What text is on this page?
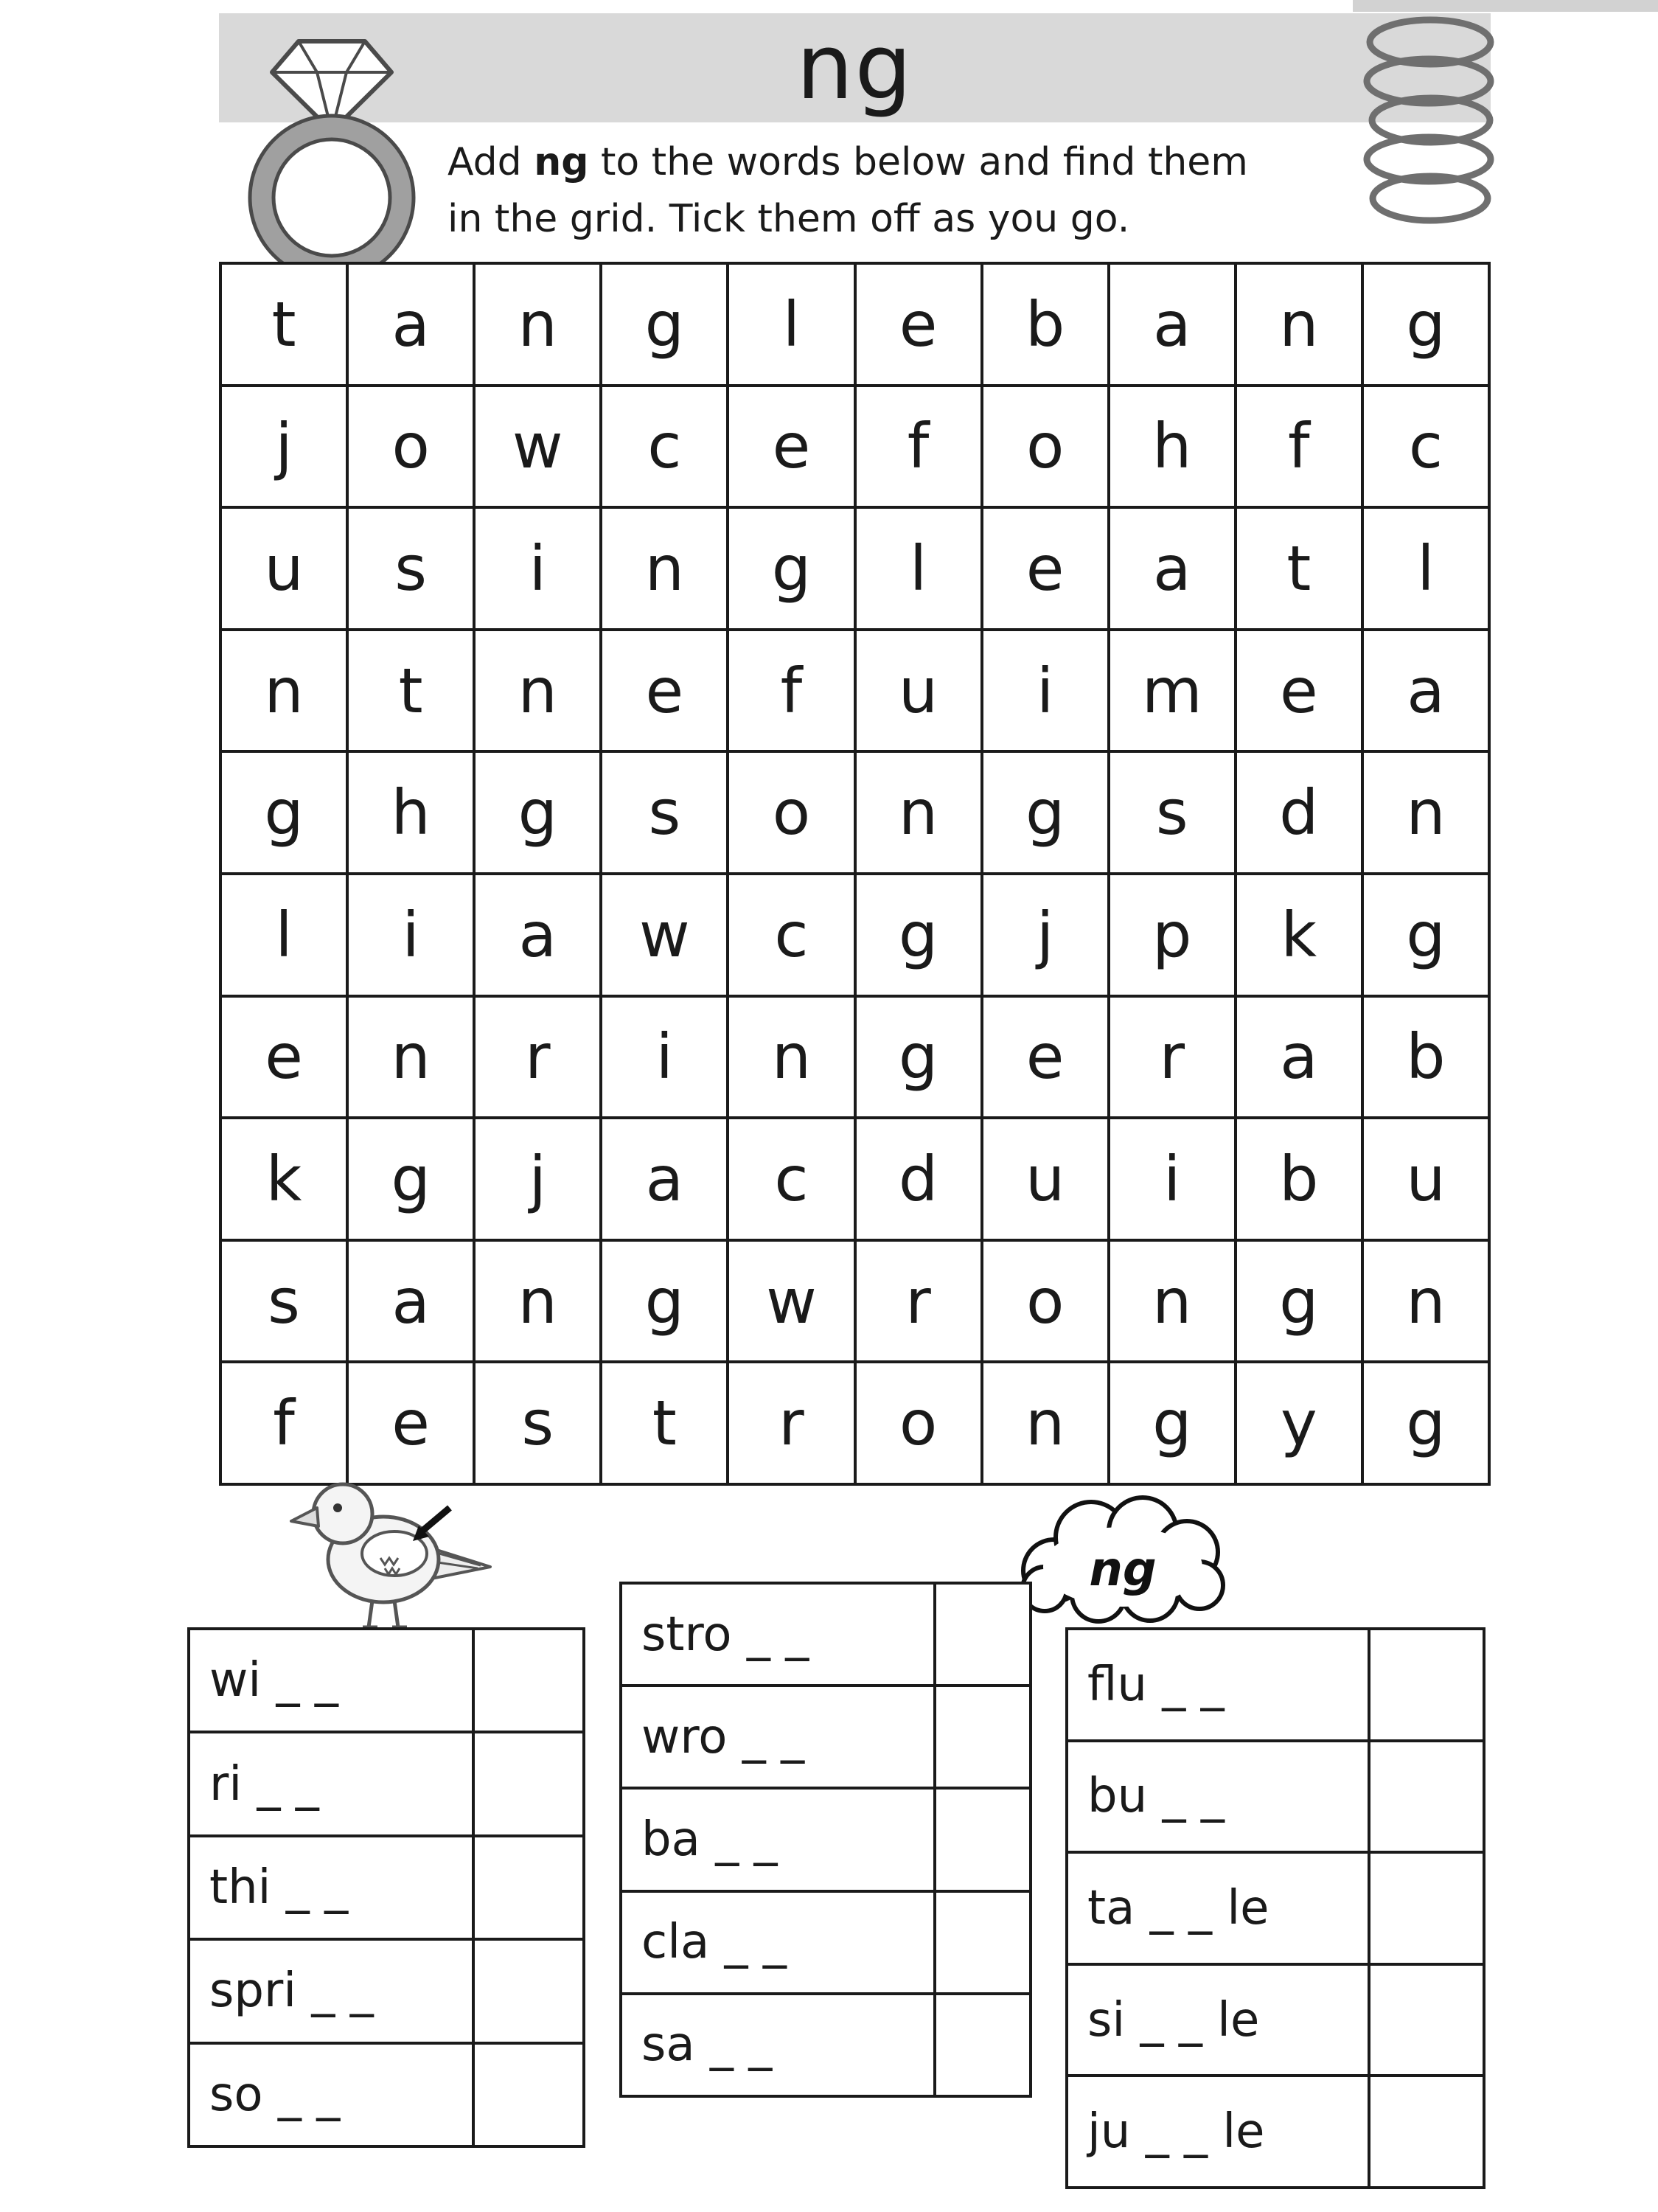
ng
Add ng to the words below and find them
in the grid. Tick them off as you go.
t	a	n	g	l	e	b	a	n	g
j	o	w	c	e	f	o	h	f	c
u	s	i	n	g	l	e	a	t	l
n	t	n	e	f	u	i	m	e	a
g	h	g	s	o	n	g	s	d	n
l	i	a	w	c	g	j	p	k	g
e	n	r	i	n	g	e	r	a	b
k	g	j	a	c	d	u	i	b	u
s	a	n	g	w	r	o	n	g	n
f	e	s	t	r	o	n	g	y	g
ng
wi _ _
ri _ _
thi _ _
spri _ _
so _ _
stro _ _
wro _ _
ba _ _
cla _ _
sa _ _
flu _ _
bu _ _
ta _ _ le
si _ _ le
ju _ _ le
